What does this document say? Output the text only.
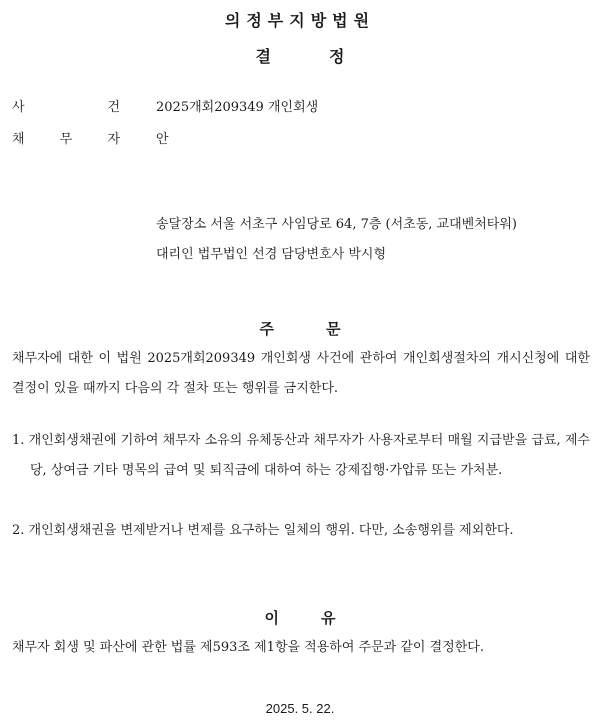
의정부지방법원
결정
사	건	2025개회209349 개인회생
채	무	자	안
송달장소 서울 서초구 사임당로 64, 7층 (서초동, 교대벤처타워)
대리인 법무법인 선경 담당변호사 박시형
주문
채무자에 대한 이 법원 2025개회209349 개인회생 사건에 관하여 개인회생절차의 개시신청에 대한 결정이 있을 때까지 다음의 각 절차 또는 행위를 금지한다.
1. 개인회생채권에 기하여 채무자 소유의 유체동산과 채무자가 사용자로부터 매월 지급받을 급료, 제수당, 상여금 기타 명목의 급여 및 퇴직금에 대하여 하는 강제집행·가압류 또는 가처분.
2. 개인회생채권을 변제받거나 변제를 요구하는 일체의 행위. 다만, 소송행위를 제외한다.
이유
채무자 회생 및 파산에 관한 법률 제593조 제1항을 적용하여 주문과 같이 결정한다.
2025. 5. 22.
